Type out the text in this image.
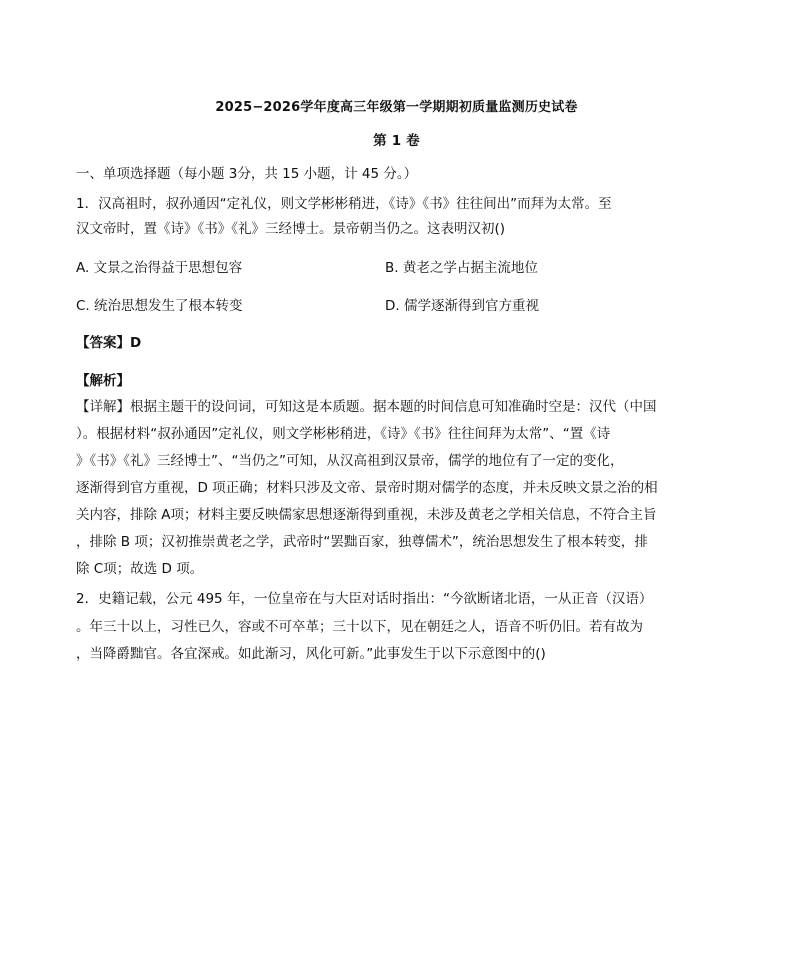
2025−2026学年度高三年级第一学期期初质量监测历史试卷
第 1 卷
一、单项选择题（每小题 3分，共 15 小题，计 45 分。）
1．汉高祖时，叔孙通因“定礼仪，则文学彬彬稍进，《诗》《书》往往间出”而拜为太常。至
汉文帝时，置《诗》《书》《礼》三经博士。景帝朝当仍之。这表明汉初()
A. 文景之治得益于思想包容	B. 黄老之学占据主流地位
C. 统治思想发生了根本转变	D. 儒学逐渐得到官方重视
【答案】D
【解析】
【详解】根据主题干的设问词，可知这是本质题。据本题的时间信息可知准确时空是：汉代（中国
）。根据材料“叔孙通因”定礼仪，则文学彬彬稍进，《诗》《书》往往间拜为太常”、“置《诗
》《书》《礼》三经博士”、“当仍之”可知，从汉高祖到汉景帝，儒学的地位有了一定的变化，
逐渐得到官方重视，D 项正确；材料只涉及文帝、景帝时期对儒学的态度，并未反映文景之治的相
关内容，排除 A项；材料主要反映儒家思想逐渐得到重视，未涉及黄老之学相关信息，不符合主旨
，排除 B 项；汉初推崇黄老之学，武帝时“罢黜百家，独尊儒术”，统治思想发生了根本转变，排
除 C项；故选 D 项。
2．史籍记载，公元 495 年，一位皇帝在与大臣对话时指出：“今欲断诸北语，一从正音（汉语）
。年三十以上，习性已久，容或不可卒革；三十以下，见在朝廷之人，语音不听仍旧。若有故为
，当降爵黜官。各宜深戒。如此渐习，风化可新。”此事发生于以下示意图中的()
